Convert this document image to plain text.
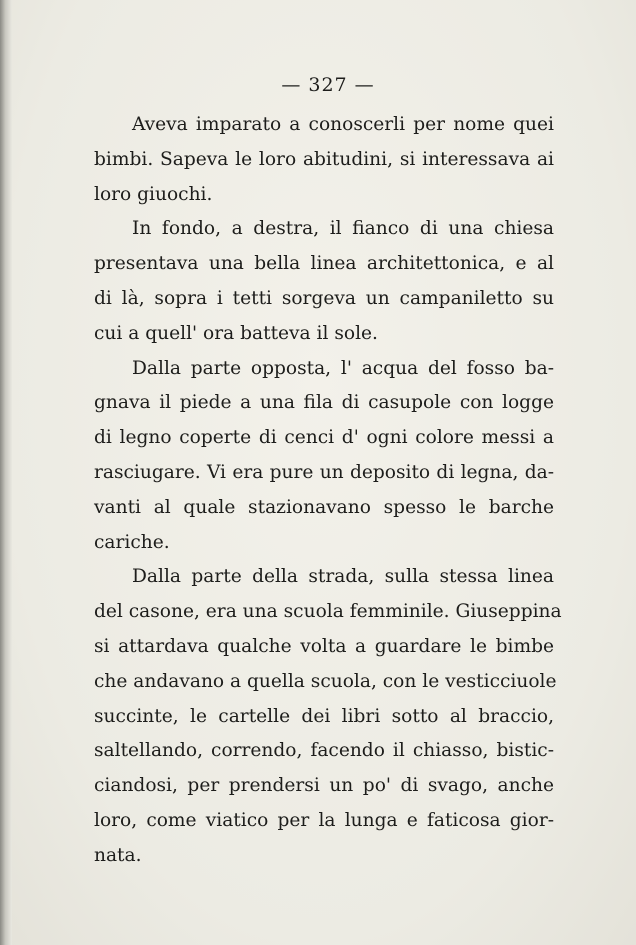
— 327 —

Aveva imparato a conoscerli per nome quei
bimbi. Sapeva le loro abitudini, si interessava ai
loro giuochi.

In fondo, a destra, il fianco di una chiesa
presentava una bella linea architettonica, e al
di là, sopra i tetti sorgeva un campaniletto su
cui a quell' ora batteva il sole.

Dalla parte opposta, l' acqua del fosso ba-
gnava il piede a una fila di casupole con logge
di legno coperte di cenci d' ogni colore messi a
rasciugare. Vi era pure un deposito di legna, da-
vanti al quale stazionavano spesso le barche
cariche.

Dalla parte della strada, sulla stessa linea
del casone, era una scuola femminile. Giuseppina
si attardava qualche volta a guardare le bimbe
che andavano a quella scuola, con le vesticciuole
succinte, le cartelle dei libri sotto al braccio,
saltellando, correndo, facendo il chiasso, bistic-
ciandosi, per prendersi un po' di svago, anche
loro, come viatico per la lunga e faticosa gior-
nata.
